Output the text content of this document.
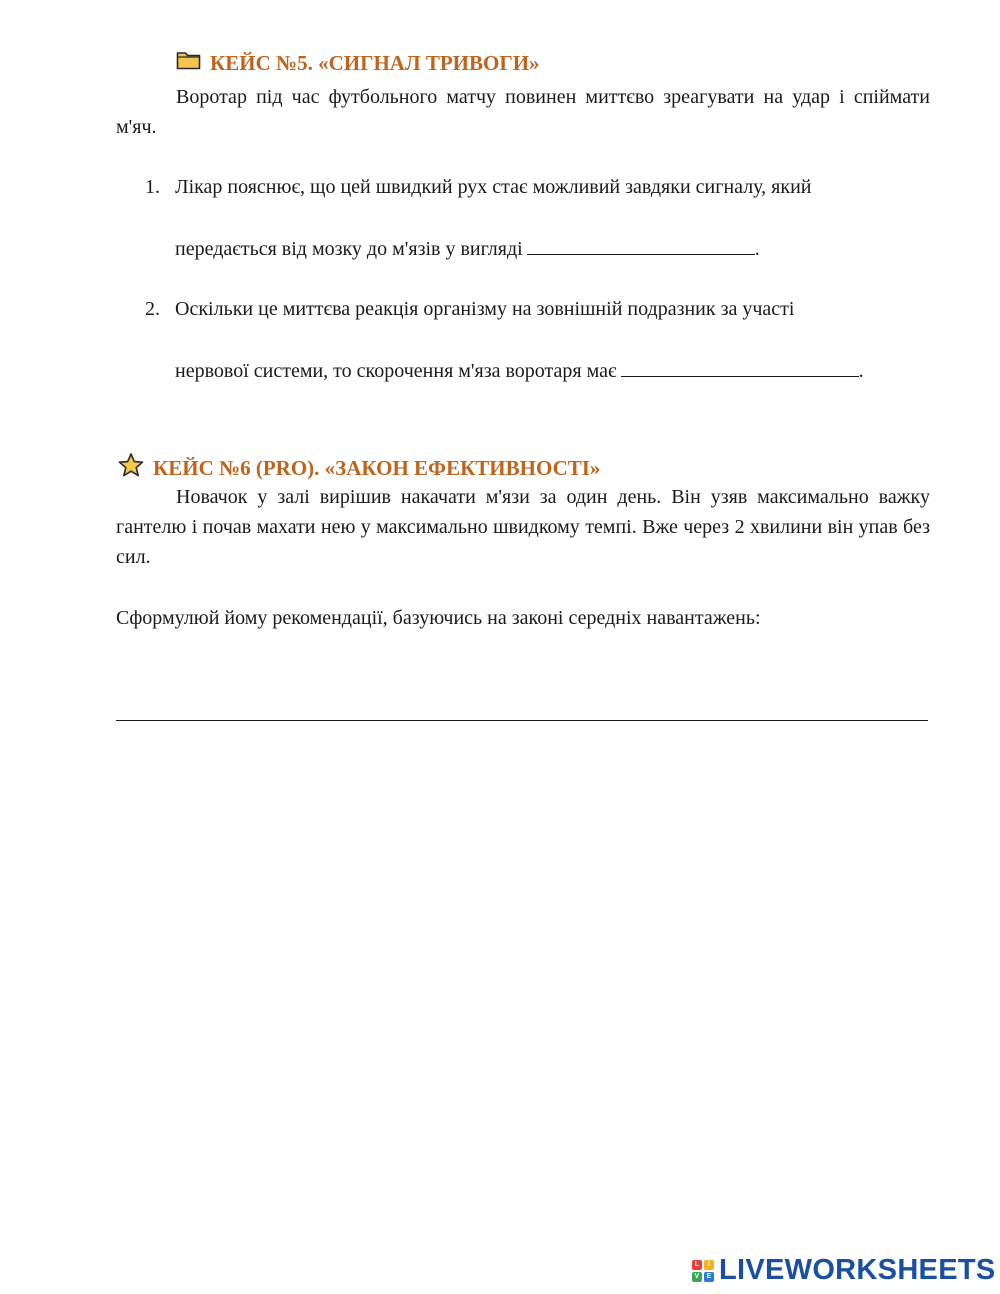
КЕЙС №5. «СИГНАЛ ТРИВОГИ»
Воротар під час футбольного матчу повинен миттєво зреагувати на удар і спіймати м'яч.
1. Лікар пояснює, що цей швидкий рух стає можливий завдяки сигналу, який
передається від мозку до м'язів у вигляді	.
2. Оскільки це миттєва реакція організму на зовнішній подразник за участі
нервової системи, то скорочення м'яза воротаря має	.
КЕЙС №6 (PRO). «ЗАКОН ЕФЕКТИВНОСТІ»
Новачок у залі вирішив накачати м'язи за один день. Він узяв максимально важку гантелю і почав махати нею у максимально швидкому темпі. Вже через 2 хвилини він упав без сил.
Сформулюй йому рекомендації, базуючись на законі середніх навантажень:
L	I
V	E LIVEWORKSHEETS
